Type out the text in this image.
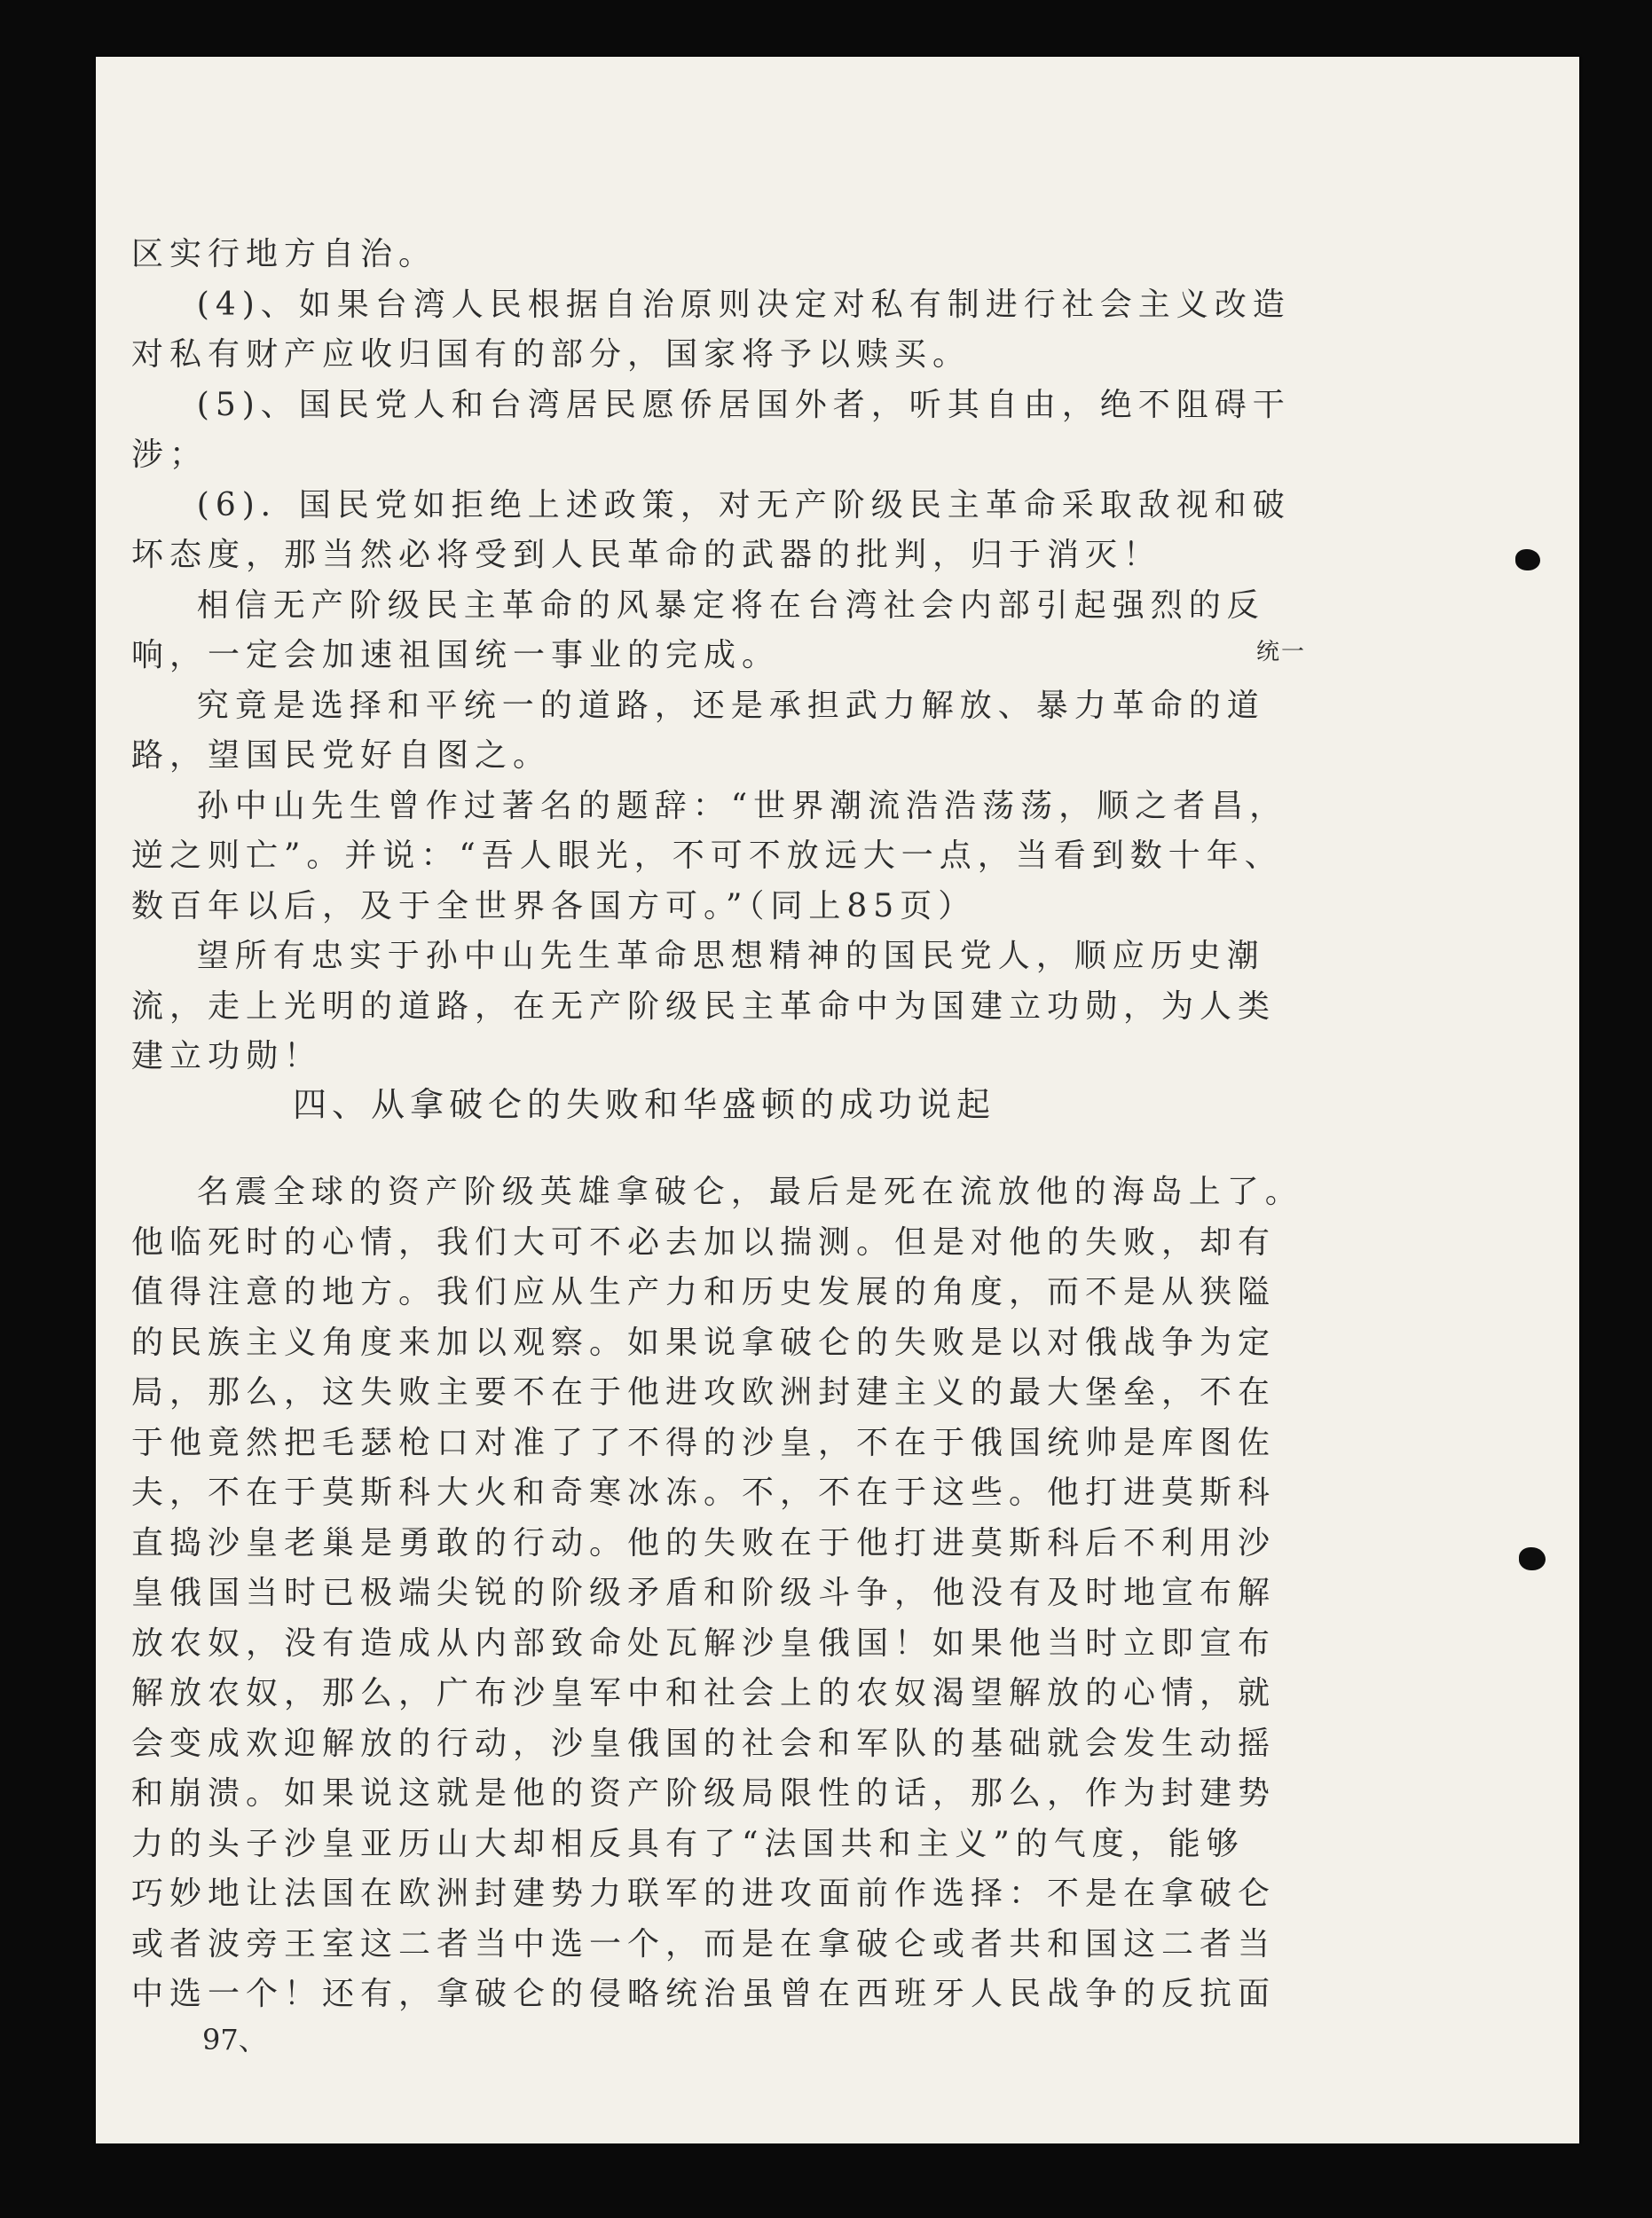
区实行地方自治。
(4)、如果台湾人民根据自治原则决定对私有制进行社会主义改造
对私有财产应收归国有的部分，国家将予以赎买。
(5)、国民党人和台湾居民愿侨居国外者，听其自由，绝不阻碍干
涉；
(6)．国民党如拒绝上述政策，对无产阶级民主革命采取敌视和破
坏态度，那当然必将受到人民革命的武器的批判，归于消灭！
相信无产阶级民主革命的风暴定将在台湾社会内部引起强烈的反
响，一定会加速祖国统一事业的完成。
究竟是选择和平统一的道路，还是承担武力解放、暴力革命的道
路，望国民党好自图之。
孙中山先生曾作过著名的题辞：“世界潮流浩浩荡荡，顺之者昌，
逆之则亡”。并说：“吾人眼光，不可不放远大一点，当看到数十年、
数百年以后，及于全世界各国方可。”（同上85页）
望所有忠实于孙中山先生革命思想精神的国民党人，顺应历史潮
流，走上光明的道路，在无产阶级民主革命中为国建立功勋，为人类
建立功勋！
统一
四、从拿破仑的失败和华盛顿的成功说起
名震全球的资产阶级英雄拿破仑，最后是死在流放他的海岛上了。
他临死时的心情，我们大可不必去加以揣测。但是对他的失败，却有
值得注意的地方。我们应从生产力和历史发展的角度，而不是从狭隘
的民族主义角度来加以观察。如果说拿破仑的失败是以对俄战争为定
局，那么，这失败主要不在于他进攻欧洲封建主义的最大堡垒，不在
于他竟然把毛瑟枪口对准了了不得的沙皇，不在于俄国统帅是库图佐
夫，不在于莫斯科大火和奇寒冰冻。不，不在于这些。他打进莫斯科
直捣沙皇老巢是勇敢的行动。他的失败在于他打进莫斯科后不利用沙
皇俄国当时已极端尖锐的阶级矛盾和阶级斗争，他没有及时地宣布解
放农奴，没有造成从内部致命处瓦解沙皇俄国！如果他当时立即宣布
解放农奴，那么，广布沙皇军中和社会上的农奴渴望解放的心情，就
会变成欢迎解放的行动，沙皇俄国的社会和军队的基础就会发生动摇
和崩溃。如果说这就是他的资产阶级局限性的话，那么，作为封建势
力的头子沙皇亚历山大却相反具有了“法国共和主义”的气度，能够
巧妙地让法国在欧洲封建势力联军的进攻面前作选择：不是在拿破仑
或者波旁王室这二者当中选一个，而是在拿破仑或者共和国这二者当
中选一个！还有，拿破仑的侵略统治虽曾在西班牙人民战争的反抗面
97、
